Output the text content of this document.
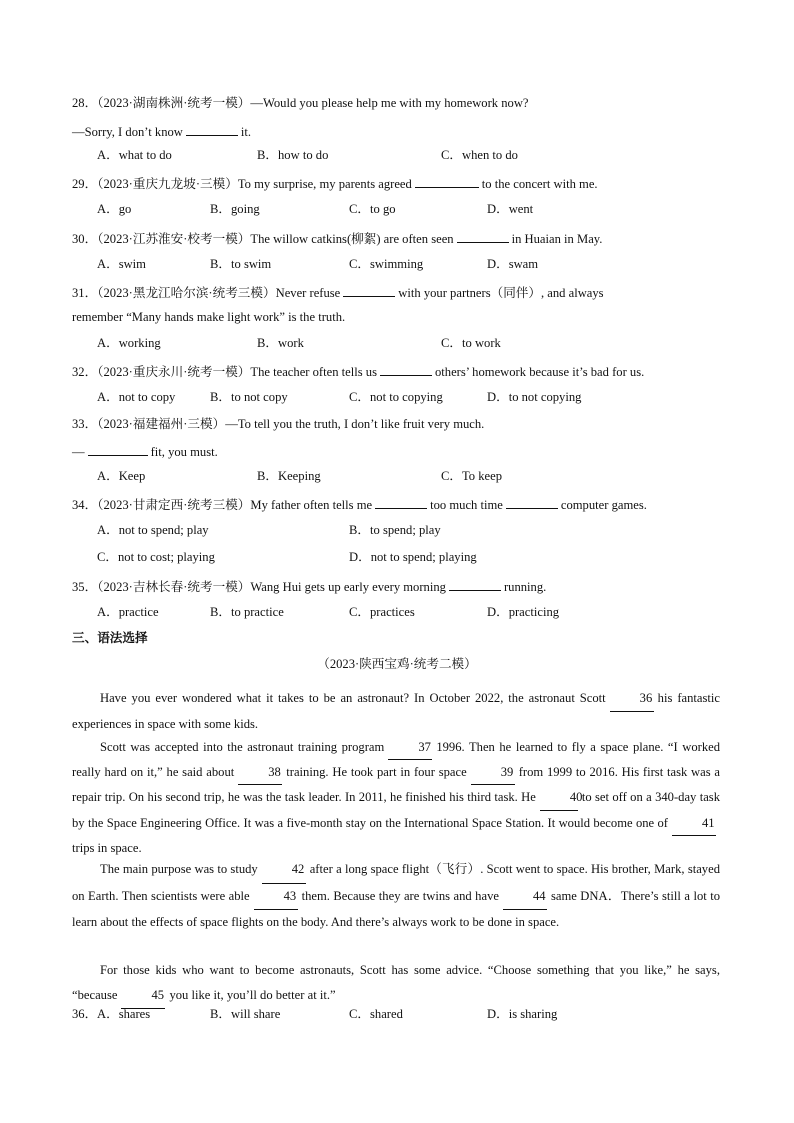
28．（2023·湖南株洲·统考一模）—Would you please help me with my homework now?
—Sorry, I don’t know	it.
A．what to do	B．how to do	C．when to do
29．（2023·重庆九龙坡·三模）To my surprise, my parents agreed	to the concert with me.
A．go	B．going	C．to go	D．went
30．（2023·江苏淮安·校考一模）The willow catkins(柳絮) are often seen	in Huaian in May.
A．swim	B．to swim	C．swimming	D．swam
31．（2023·黑龙江哈尔滨·统考三模）Never refuse	with your partners（同伴）, and always
remember “Many hands make light work” is the truth.
A．working	B．work	C．to work
32．（2023·重庆永川·统考一模）The teacher often tells us	others’ homework because it’s bad for us.
A．not to copy	B．to not copy	C．not to copying	D．to not copying
33．（2023·福建福州·三模）—To tell you the truth, I don’t like fruit very much.
—	fit, you must.
A．Keep	B．Keeping	C．To keep
34．（2023·甘肃定西·统考三模）My father often tells me	too much time	computer games.
A．not to spend; play	B．to spend; play
C．not to cost; playing	D．not to spend; playing
35．（2023·吉林长春·统考一模）Wang Hui gets up early every morning	running.
A．practice	B．to practice	C．practices	D．practicing
三、语法选择
（2023·陕西宝鸡·统考二模）
Have you ever wondered what it takes to be an astronaut? In October 2022, the astronaut Scott	36 his fantastic experiences in space with some kids.
Scott was accepted into the astronaut training program	37 1996. Then he learned to fly a space plane. “I worked really hard on it,” he said about	38 training. He took part in four space	39 from 1999 to 2016. His first task was a repair trip. On his second trip, he was the task leader. In 2011, he finished his third task. He	40to set off on a 340-day task by the Space Engineering Office. It was a five-month stay on the International Space Station. It would become one of	41trips in space.
The main purpose was to study	42 after a long space flight（飞行）. Scott went to space. His brother, Mark, stayed on Earth. Then scientists were able	43 them. Because they are twins and have	44 same DNA．There’s still a lot to learn about the effects of space flights on the body. And there’s always work to be done in space.
For those kids who want to become astronauts, Scott has some advice. “Choose something that you like,” he says, “because	45 you like it, you’ll do better at it.”
36． A．shares	B．will share	C．shared	D．is sharing
